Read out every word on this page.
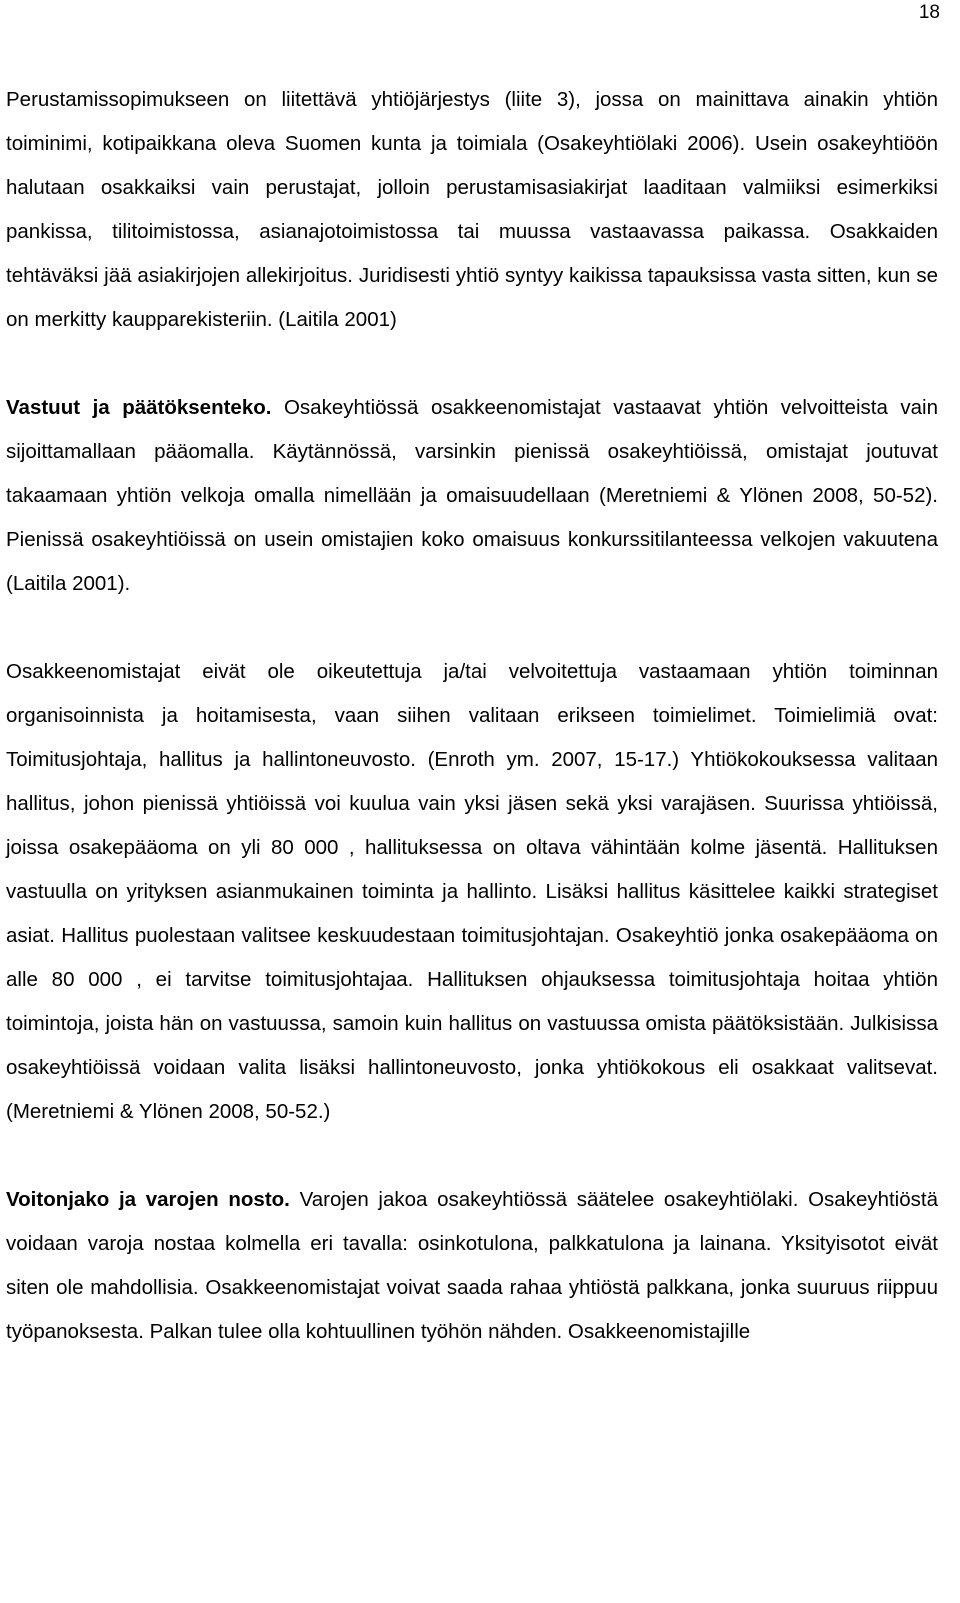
18

Perustamissopimukseen on liitettävä yhtiöjärjestys (liite 3), jossa on mainittava ainakin yhtiön toiminimi, kotipaikkana oleva Suomen kunta ja toimiala (Osakeyhtiölaki 2006). Usein osakeyhtiöön halutaan osakkaiksi vain perustajat, jolloin perustamisasiakirjat laaditaan valmiiksi esimerkiksi pankissa, tilitoimistossa, asianajotoimistossa tai muussa vastaavassa paikassa. Osakkaiden tehtäväksi jää asiakirjojen allekirjoitus. Juridisesti yhtiö syntyy kaikissa tapauksissa vasta sitten, kun se on merkitty kaupparekisteriin. (Laitila 2001)

Vastuut ja päätöksenteko. Osakeyhtiössä osakkeenomistajat vastaavat yhtiön velvoitteista vain sijoittamallaan pääomalla. Käytännössä, varsinkin pienissä osakeyhtiöissä, omistajat joutuvat takaamaan yhtiön velkoja omalla nimellään ja omaisuudellaan (Meretniemi & Ylönen 2008, 50-52). Pienissä osakeyhtiöissä on usein omistajien koko omaisuus konkurssitilanteessa velkojen vakuutena (Laitila 2001).

Osakkeenomistajat eivät ole oikeutettuja ja/tai velvoitettuja vastaamaan yhtiön toiminnan organisoinnista ja hoitamisesta, vaan siihen valitaan erikseen toimielimet. Toimielimiä ovat: Toimitusjohtaja, hallitus ja hallintoneuvosto. (Enroth ym. 2007, 15-17.) Yhtiökokouksessa valitaan hallitus, johon pienissä yhtiöissä voi kuulua vain yksi jäsen sekä yksi varajäsen. Suurissa yhtiöissä, joissa osakepääoma on yli 80 000 , hallituksessa on oltava vähintään kolme jäsentä. Hallituksen vastuulla on yrityksen asianmukainen toiminta ja hallinto. Lisäksi hallitus käsittelee kaikki strategiset asiat. Hallitus puolestaan valitsee keskuudestaan toimitusjohtajan. Osakeyhtiö jonka osakepääoma on alle 80 000 , ei tarvitse toimitusjohtajaa. Hallituksen ohjauksessa toimitusjohtaja hoitaa yhtiön toimintoja, joista hän on vastuussa, samoin kuin hallitus on vastuussa omista päätöksistään. Julkisissa osakeyhtiöissä voidaan valita lisäksi hallintoneuvosto, jonka yhtiökokous eli osakkaat valitsevat. (Meretniemi & Ylönen 2008, 50-52.)

Voitonjako ja varojen nosto. Varojen jakoa osakeyhtiössä säätelee osakeyhtiölaki. Osakeyhtiöstä voidaan varoja nostaa kolmella eri tavalla: osinkotulona, palkkatulona ja lainana. Yksityisotot eivät siten ole mahdollisia. Osakkeenomistajat voivat saada rahaa yhtiöstä palkkana, jonka suuruus riippuu työpanoksesta. Palkan tulee olla kohtuullinen työhön nähden. Osakkeenomistajille
